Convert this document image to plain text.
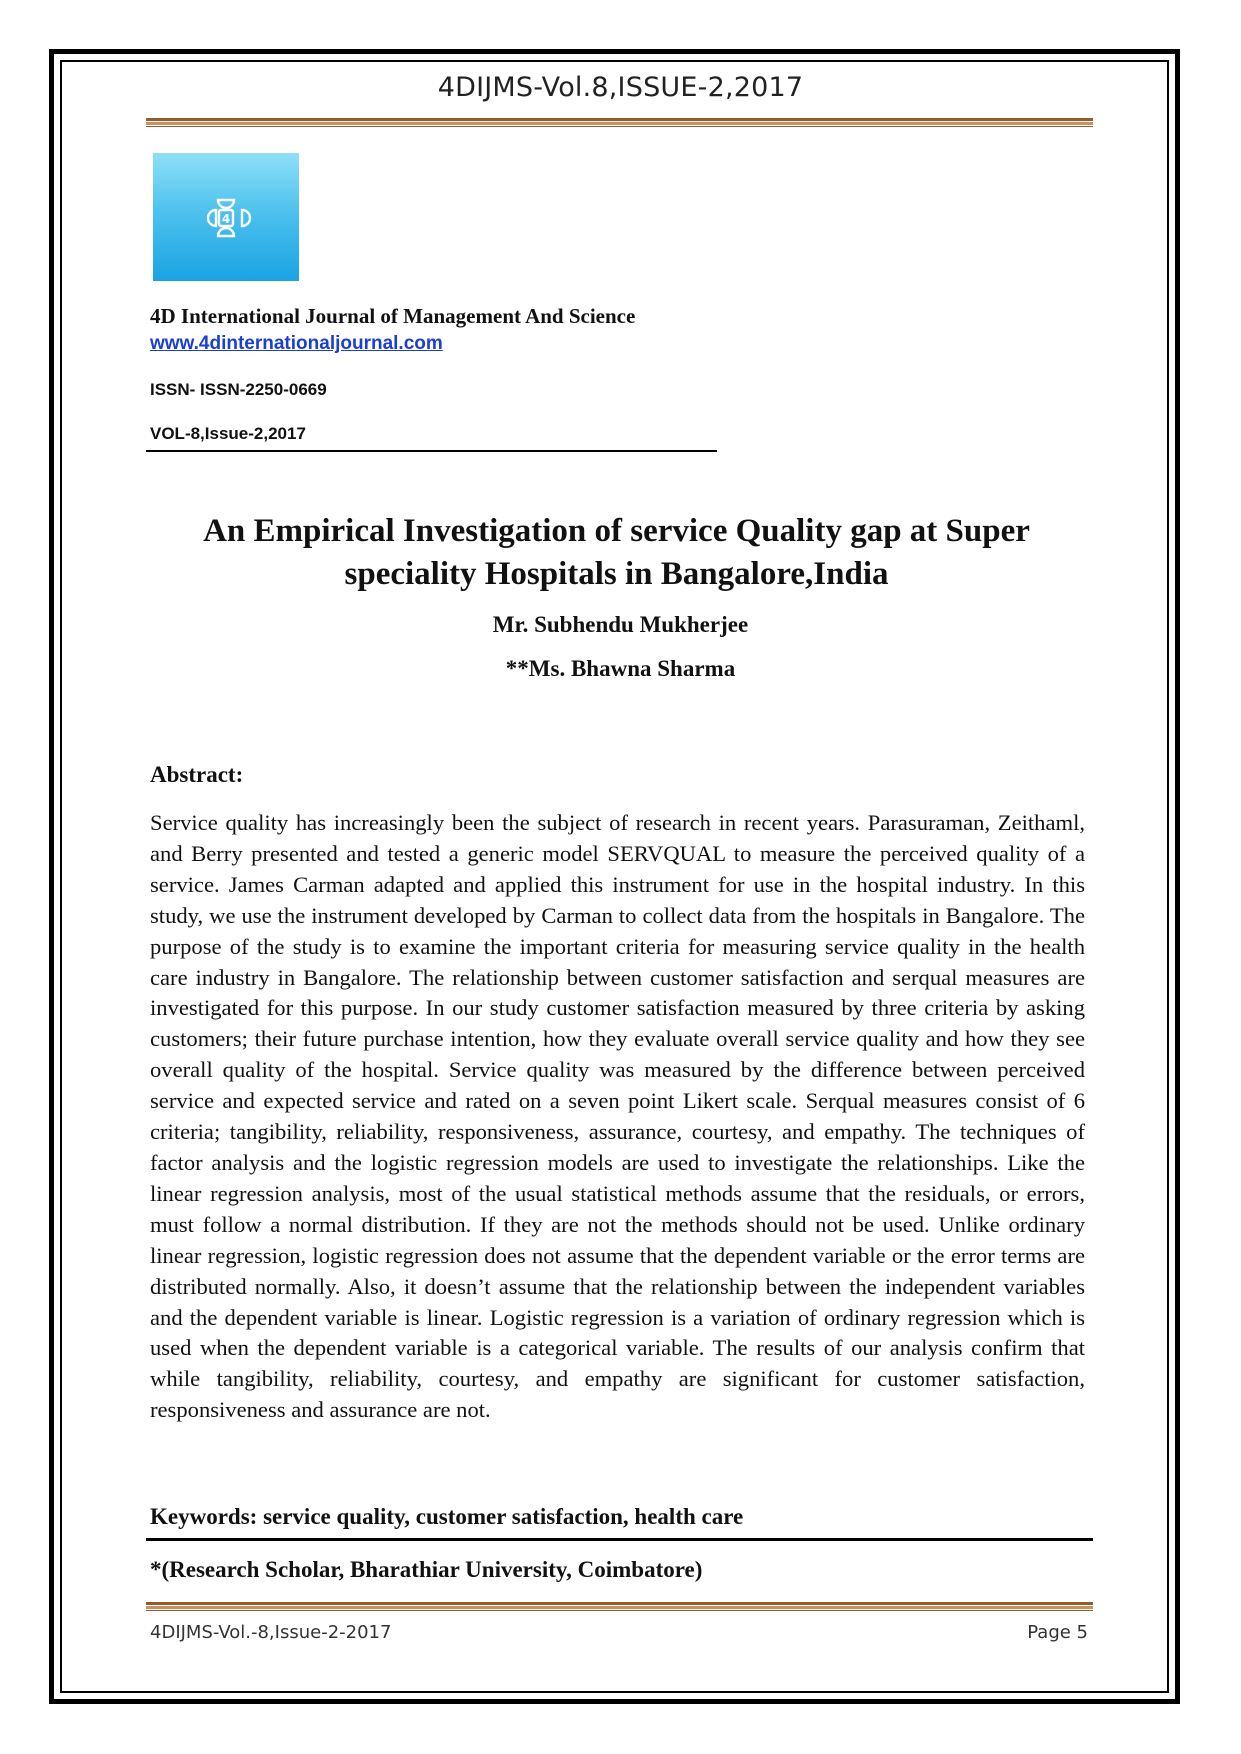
4DIJMS-Vol.8,ISSUE-2,2017
4
4D International Journal of Management And Science
www.4dinternationaljournal.com
ISSN- ISSN-2250-0669
VOL-8,Issue-2,2017
An Empirical Investigation of service Quality gap at Super speciality Hospitals in Bangalore,India
Mr. Subhendu Mukherjee
**Ms. Bhawna Sharma
Abstract:

Service quality has increasingly been the subject of research in recent years. Parasuraman, Zeithaml, and Berry presented and tested a generic model SERVQUAL to measure the perceived quality of a service. James Carman adapted and applied this instrument for use in the hospital industry. In this study, we use the instrument developed by Carman to collect data from the hospitals in Bangalore. The purpose of the study is to examine the important criteria for measuring service quality in the health care industry in Bangalore. The relationship between customer satisfaction and serqual measures are investigated for this purpose. In our study customer satisfaction measured by three criteria by asking customers; their future purchase intention, how they evaluate overall service quality and how they see overall quality of the hospital. Service quality was measured by the difference between perceived service and expected service and rated on a seven point Likert scale. Serqual measures consist of 6 criteria; tangibility, reliability, responsiveness, assurance, courtesy, and empathy. The techniques of factor analysis and the logistic regression models are used to investigate the relationships. Like the linear regression analysis, most of the usual statistical methods assume that the residuals, or errors, must follow a normal distribution. If they are not the methods should not be used. Unlike ordinary linear regression, logistic regression does not assume that the dependent variable or the error terms are distributed normally. Also, it doesn’t assume that the relationship between the independent variables and the dependent variable is linear. Logistic regression is a variation of ordinary regression which is used when the dependent variable is a categorical variable. The results of our analysis confirm that while tangibility, reliability, courtesy, and empathy are significant for customer satisfaction, responsiveness and assurance are not.

Keywords: service quality, customer satisfaction, health care
*(Research Scholar, Bharathiar University, Coimbatore)
4DIJMS-Vol.-8,Issue-2-2017	Page 5
